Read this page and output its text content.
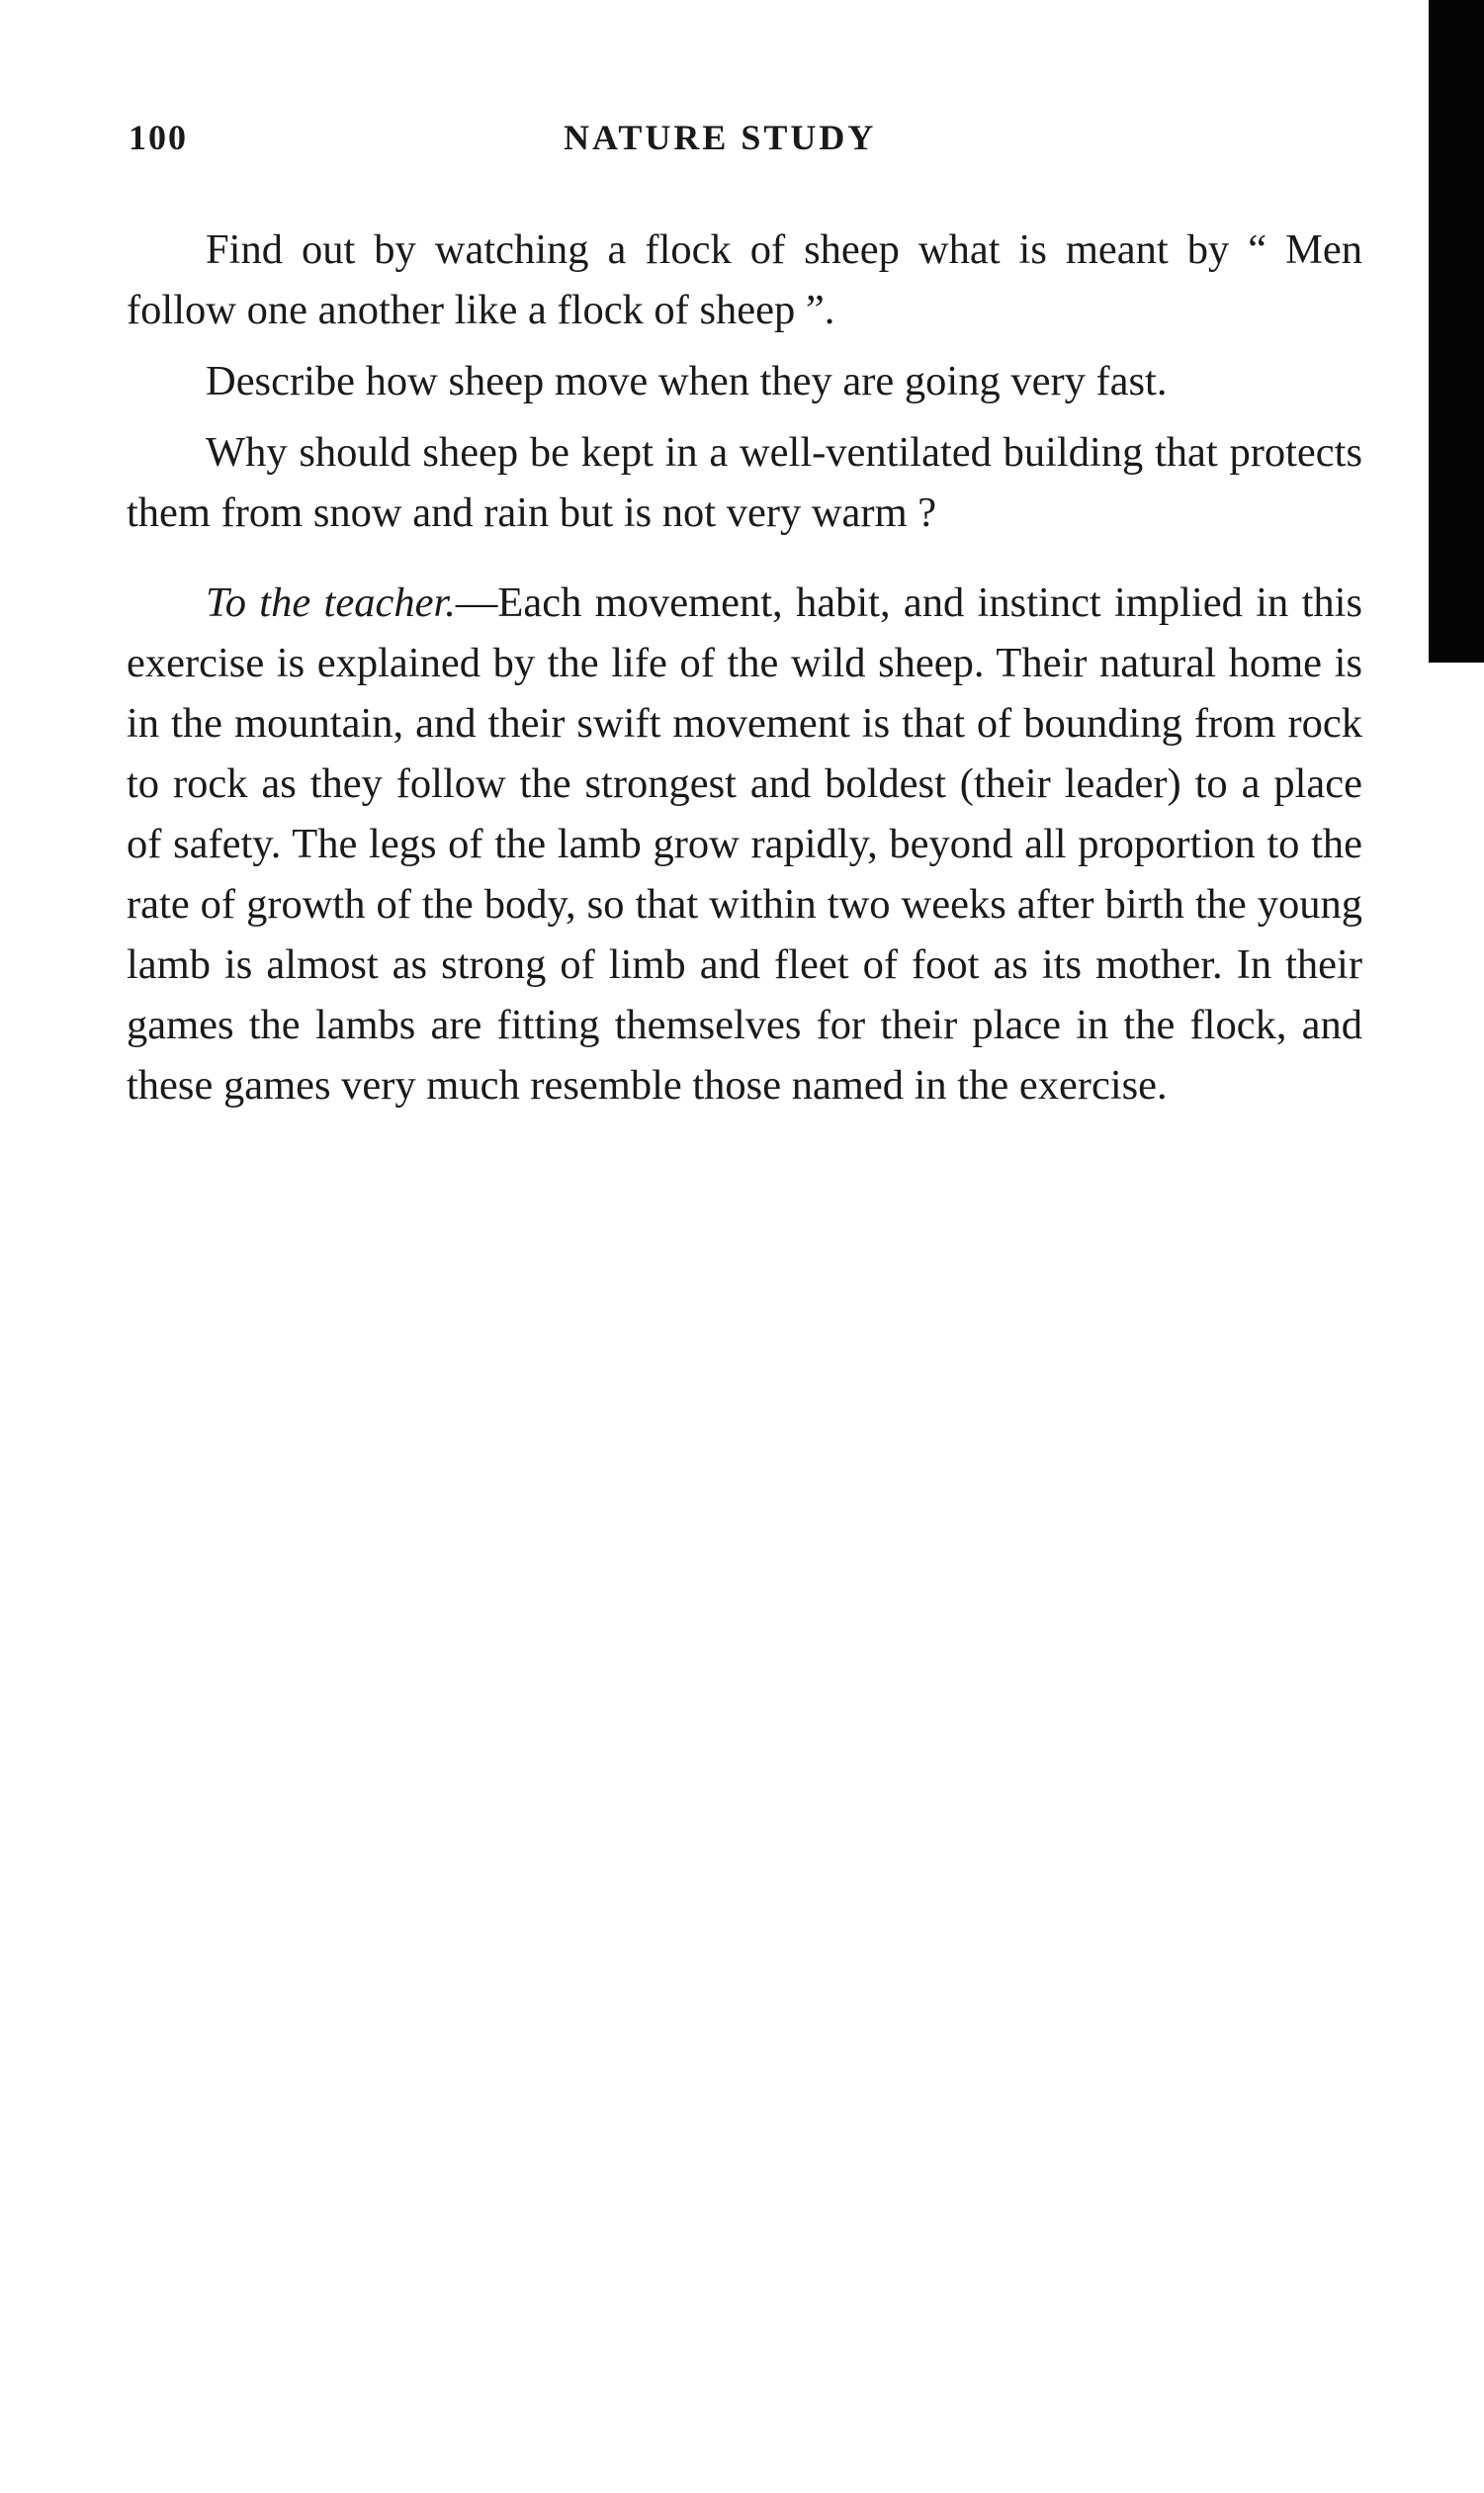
100	NATURE STUDY

Find out by watching a flock of sheep what is meant by “ Men follow one another like a flock of sheep ”.

Describe how sheep move when they are going very fast.

Why should sheep be kept in a well-ventilated building that protects them from snow and rain but is not very warm ?

To the teacher.—Each movement, habit, and instinct implied in this exercise is explained by the life of the wild sheep. Their natural home is in the mountain, and their swift movement is that of bounding from rock to rock as they follow the strongest and boldest (their leader) to a place of safety. The legs of the lamb grow rapidly, beyond all proportion to the rate of growth of the body, so that within two weeks after birth the young lamb is almost as strong of limb and fleet of foot as its mother. In their games the lambs are fitting themselves for their place in the flock, and these games very much resemble those named in the exercise.
